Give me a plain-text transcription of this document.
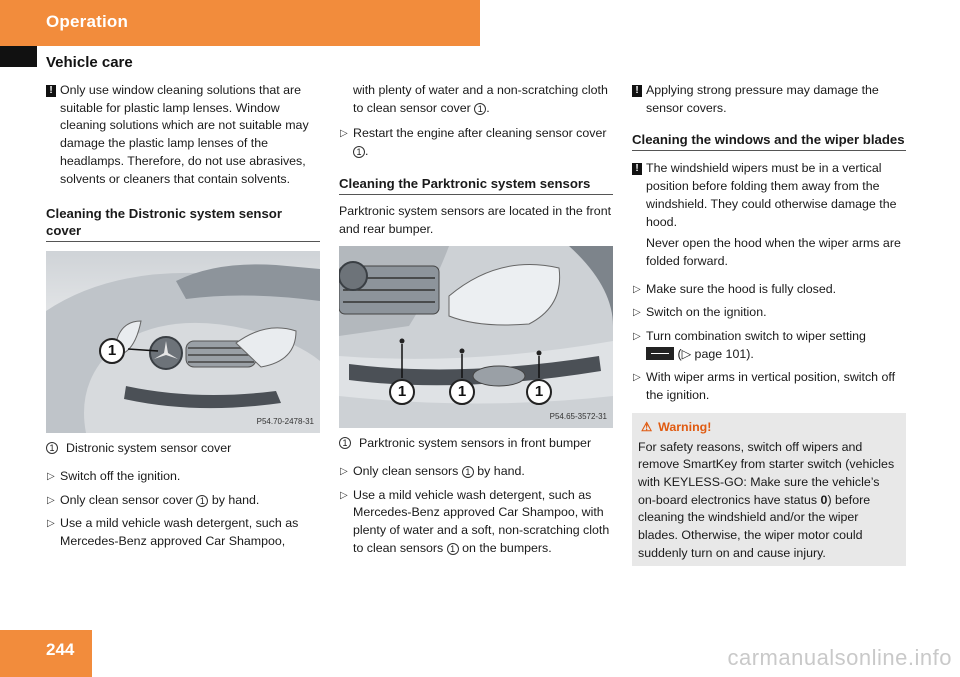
Operation
Vehicle care
! Only use window cleaning solutions that are suitable for plastic lamp lenses. Window cleaning solutions which are not suitable may damage the plastic lamp lenses of the headlamps. Therefore, do not use abrasives, solvents or cleaners that contain solvents.

Cleaning the Distronic system sensor cover
1
P54.70-2478-31
1 Distronic system sensor cover
▷ Switch off the ignition.
▷ Only clean sensor cover 1 by hand.
▷ Use a mild vehicle wash detergent, such as Mercedes-Benz approved Car Shampoo,

with plenty of water and a non-scratching cloth to clean sensor cover 1 .

▷ Restart the engine after cleaning sensor cover 1 .
Cleaning the Parktronic system sensors

Parktronic system sensors are located in the front and rear bumper.

1	1	1
P54.65-3572-31
1 Parktronic system sensors in front bumper
▷ Only clean sensors 1 by hand.
▷ Use a mild vehicle wash detergent, such as Mercedes-Benz approved Car Shampoo, with plenty of water and a soft, non-scratching cloth to clean sensors 1 on the bumpers.
! Applying strong pressure may damage the sensor covers.

Cleaning the windows and the wiper blades
! The windshield wipers must be in a vertical position before folding them away from the windshield. They could otherwise damage the hood.

Never open the hood when the wiper arms are folded forward.

▷ Make sure the hood is fully closed.
▷ Switch on the ignition.
▷ Turn combination switch to wiper setting

(▷ page 101).
▷ With wiper arms in vertical position, switch off the ignition.
⚠ Warning!

For safety reasons, switch off wipers and remove SmartKey from starter switch (vehicles with KEYLESS-GO: Make sure the vehicle’s on-board electronics have status 0) before cleaning the windshield and/or the wiper blades. Otherwise, the wiper motor could suddenly turn on and cause injury.

244	carmanualsonline.info
